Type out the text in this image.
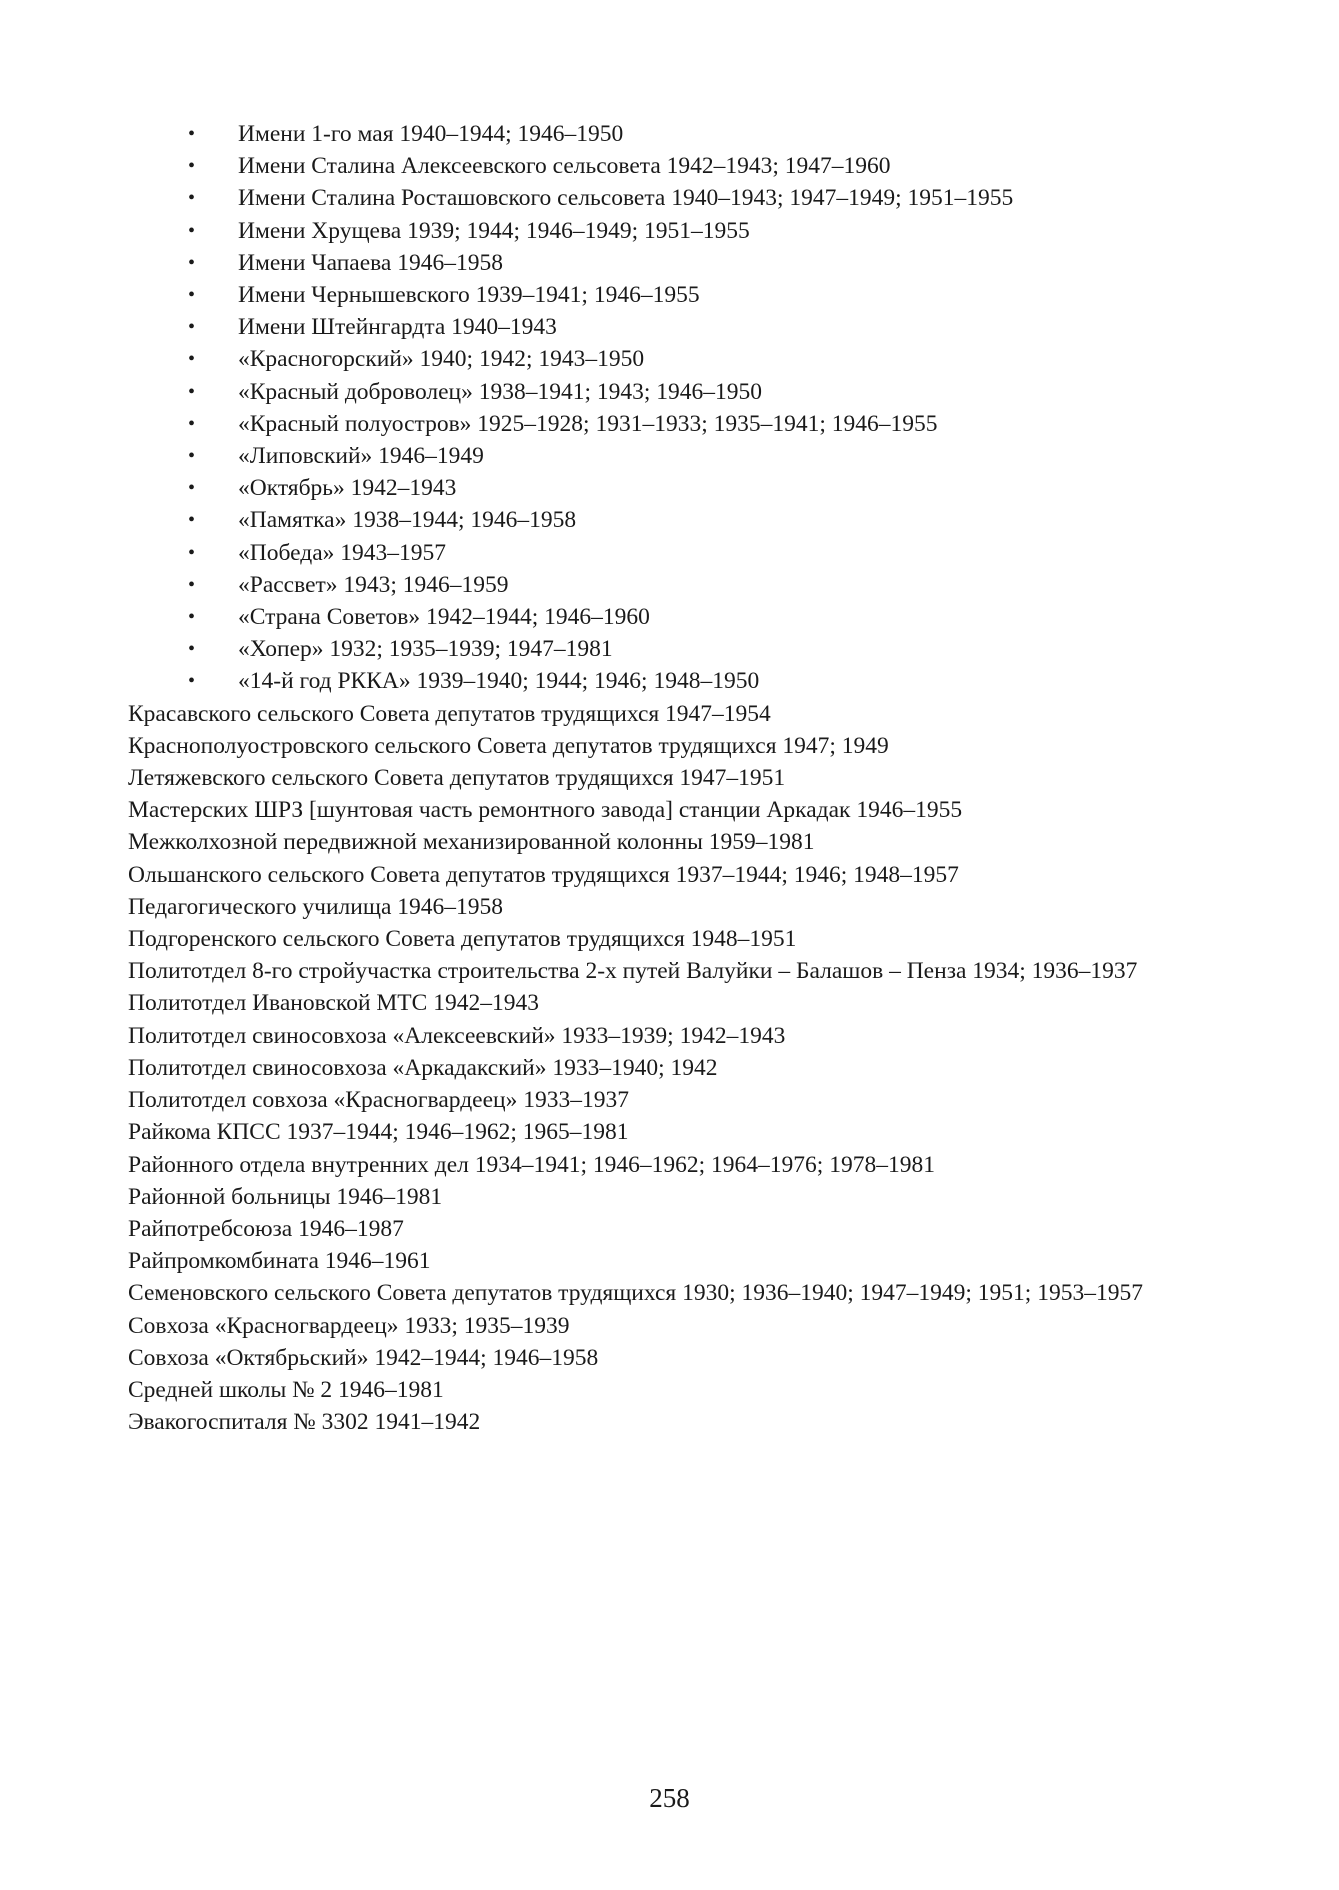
• Имени 1-го мая 1940–1944; 1946–1950
• Имени Сталина Алексеевского сельсовета 1942–1943; 1947–1960
• Имени Сталина Росташовского сельсовета 1940–1943; 1947–1949; 1951–1955
• Имени Хрущева 1939; 1944; 1946–1949; 1951–1955
• Имени Чапаева 1946–1958
• Имени Чернышевского 1939–1941; 1946–1955
• Имени Штейнгардта 1940–1943
• «Красногорский» 1940; 1942; 1943–1950
• «Красный доброволец» 1938–1941; 1943; 1946–1950
• «Красный полуостров» 1925–1928; 1931–1933; 1935–1941; 1946–1955
• «Липовский» 1946–1949
• «Октябрь» 1942–1943
• «Памятка» 1938–1944; 1946–1958
• «Победа» 1943–1957
• «Рассвет» 1943; 1946–1959
• «Страна Советов» 1942–1944; 1946–1960
• «Хопер» 1932; 1935–1939; 1947–1981
• «14-й год РККА» 1939–1940; 1944; 1946; 1948–1950
Красавского сельского Совета депутатов трудящихся 1947–1954
Краснополуостровского сельского Совета депутатов трудящихся 1947; 1949
Летяжевского сельского Совета депутатов трудящихся 1947–1951
Мастерских ШРЗ [шунтовая часть ремонтного завода] станции Аркадак 1946–1955
Межколхозной передвижной механизированной колонны 1959–1981
Ольшанского сельского Совета депутатов трудящихся 1937–1944; 1946; 1948–1957
Педагогического училища 1946–1958
Подгоренского сельского Совета депутатов трудящихся 1948–1951
Политотдел 8-го стройучастка строительства 2-х путей Валуйки – Балашов – Пенза 1934; 1936–1937
Политотдел Ивановской МТС 1942–1943
Политотдел свиносовхоза «Алексеевский» 1933–1939; 1942–1943
Политотдел свиносовхоза «Аркадакский» 1933–1940; 1942
Политотдел совхоза «Красногвардеец» 1933–1937
Райкома КПСС 1937–1944; 1946–1962; 1965–1981
Районного отдела внутренних дел 1934–1941; 1946–1962; 1964–1976; 1978–1981
Районной больницы 1946–1981
Райпотребсоюза 1946–1987
Райпромкомбината 1946–1961
Семеновского сельского Совета депутатов трудящихся 1930; 1936–1940; 1947–1949; 1951; 1953–1957
Совхоза «Красногвардеец» 1933; 1935–1939
Совхоза «Октябрьский» 1942–1944; 1946–1958
Средней школы № 2 1946–1981
Эвакогоспиталя № 3302 1941–1942
258
